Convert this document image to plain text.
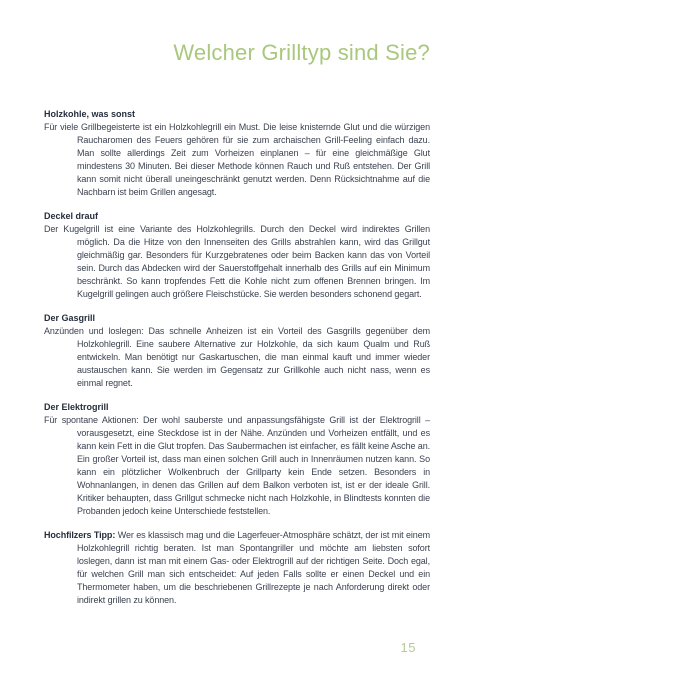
Welcher Grilltyp sind Sie?
Holzkohle, was sonst

Für viele Grillbegeisterte ist ein Holzkohlegrill ein Must. Die leise knisternde Glut und die würzigen Raucharomen des Feuers gehören für sie zum archaischen Grill-Feeling einfach dazu. Man sollte allerdings Zeit zum Vorheizen einplanen – für eine gleichmäßige Glut mindestens 30 Minuten. Bei dieser Methode können Rauch und Ruß entstehen. Der Grill kann somit nicht überall uneingeschränkt genutzt werden. Denn Rücksichtnahme auf die Nachbarn ist beim Grillen angesagt.

Deckel drauf

Der Kugelgrill ist eine Variante des Holzkohlegrills. Durch den Deckel wird indirektes Grillen möglich. Da die Hitze von den Innenseiten des Grills abstrahlen kann, wird das Grillgut gleichmäßig gar. Besonders für Kurzgebratenes oder beim Backen kann das von Vorteil sein. Durch das Abdecken wird der Sauerstoffgehalt innerhalb des Grills auf ein Minimum beschränkt. So kann tropfendes Fett die Kohle nicht zum offenen Brennen bringen. Im Kugelgrill gelingen auch größere Fleischstücke. Sie werden besonders schonend gegart.

Der Gasgrill

Anzünden und loslegen: Das schnelle Anheizen ist ein Vorteil des Gasgrills gegenüber dem Holzkohlegrill. Eine saubere Alternative zur Holzkohle, da sich kaum Qualm und Ruß entwickeln. Man benötigt nur Gaskartuschen, die man einmal kauft und immer wieder austauschen kann. Sie werden im Gegensatz zur Grillkohle auch nicht nass, wenn es einmal regnet.

Der Elektrogrill

Für spontane Aktionen: Der wohl sauberste und anpassungsfähigste Grill ist der Elektrogrill – vorausgesetzt, eine Steckdose ist in der Nähe. Anzünden und Vorheizen entfällt, und es kann kein Fett in die Glut tropfen. Das Saubermachen ist einfacher, es fällt keine Asche an. Ein großer Vorteil ist, dass man einen solchen Grill auch in Innenräumen nutzen kann. So kann ein plötzlicher Wolkenbruch der Grillparty kein Ende setzen. Besonders in Wohnanlangen, in denen das Grillen auf dem Balkon verboten ist, ist er der ideale Grill. Kritiker behaupten, dass Grillgut schmecke nicht nach Holzkohle, in Blindtests konnten die Probanden jedoch keine Unterschiede feststellen.

Hochfilzers Tipp: Wer es klassisch mag und die Lagerfeuer-Atmosphäre schätzt, der ist mit einem Holzkohlegrill richtig beraten. Ist man Spontangriller und möchte am liebsten sofort loslegen, dann ist man mit einem Gas- oder Elektrogrill auf der richtigen Seite. Doch egal, für welchen Grill man sich entscheidet: Auf jeden Falls sollte er einen Deckel und ein Thermometer haben, um die beschriebenen Grillrezepte je nach Anforderung direkt oder indirekt grillen zu können.

15
